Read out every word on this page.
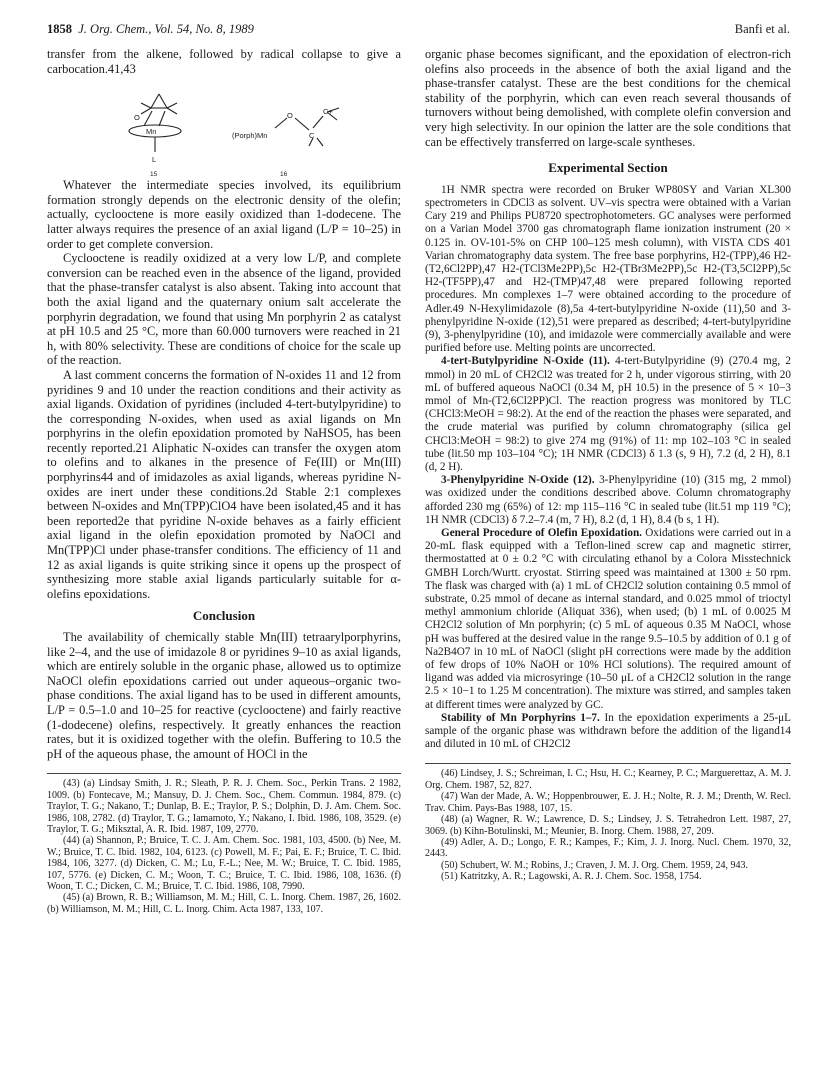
1858 J. Org. Chem., Vol. 54, No. 8, 1989	Banfi et al.

transfer from the alkene, followed by radical collapse to give a carbocation.41,43

Mn
O
L
15
(Porph)Mn
O
C
C+
16

Whatever the intermediate species involved, its equilibrium formation strongly depends on the electronic density of the olefin; actually, cyclooctene is more easily oxidized than 1-dodecene. The latter always requires the presence of an axial ligand (L/P = 10–25) in order to get complete conversion.

Cyclooctene is readily oxidized at a very low L/P, and complete conversion can be reached even in the absence of the ligand, provided that the phase-transfer catalyst is also absent. Taking into account that both the axial ligand and the quaternary onium salt accelerate the porphyrin degradation, we found that using Mn porphyrin 2 as catalyst at pH 10.5 and 25 °C, more than 60.000 turnovers were reached in 21 h, with 80% selectivity. These are conditions of choice for the scale up of the reaction.

A last comment concerns the formation of N-oxides 11 and 12 from pyridines 9 and 10 under the reaction conditions and their activity as axial ligands. Oxidation of pyridines (included 4-tert-butylpyridine) to the corresponding N-oxides, when used as axial ligands on Mn porphyrins in the olefin epoxidation promoted by NaHSO5, has been recently reported.21 Aliphatic N-oxides can transfer the oxygen atom to olefins and to alkanes in the presence of Fe(III) or Mn(III) porphyrins44 and of imidazoles as axial ligands, whereas pyridine N-oxides are inert under these conditions.2d Stable 2:1 complexes between N-oxides and Mn(TPP)ClO4 have been isolated,45 and it has been reported2e that pyridine N-oxide behaves as a fairly efficient axial ligand in the olefin epoxidation promoted by NaOCl and Mn(TPP)Cl under phase-transfer conditions. The efficiency of 11 and 12 as axial ligands is quite striking since it opens up the prospect of synthesizing more stable axial ligands particularly suitable for α-olefins epoxidations.

Conclusion

The availability of chemically stable Mn(III) tetraarylporphyrins, like 2–4, and the use of imidazole 8 or pyridines 9–10 as axial ligands, which are entirely soluble in the organic phase, allowed us to optimize NaOCl olefin epoxidations carried out under aqueous–organic two-phase conditions. The axial ligand has to be used in different amounts, L/P = 0.5–1.0 and 10–25 for reactive (cyclooctene) and fairly reactive (1-dodecene) olefins, respectively. It greatly enhances the reaction rates, but it is oxidized together with the olefin. Buffering to 10.5 the pH of the aqueous phase, the amount of HOCl in the

(43) (a) Lindsay Smith, J. R.; Sleath, P. R. J. Chem. Soc., Perkin Trans. 2 1982, 1009. (b) Fontecave, M.; Mansuy, D. J. Chem. Soc., Chem. Commun. 1984, 879. (c) Traylor, T. G.; Nakano, T.; Dunlap, B. E.; Traylor, P. S.; Dolphin, D. J. Am. Chem. Soc. 1986, 108, 2782. (d) Traylor, T. G.; Iamamoto, Y.; Nakano, I. Ibid. 1986, 108, 3529. (e) Traylor, T. G.; Miksztal, A. R. Ibid. 1987, 109, 2770.

(44) (a) Shannon, P.; Bruice, T. C. J. Am. Chem. Soc. 1981, 103, 4500. (b) Nee, M. W.; Bruice, T. C. Ibid. 1982, 104, 6123. (c) Powell, M. F.; Pai, E. F.; Bruice, T. C. Ibid. 1984, 106, 3277. (d) Dicken, C. M.; Lu, F.-L.; Nee, M. W.; Bruice, T. C. Ibid. 1985, 107, 5776. (e) Dicken, C. M.; Woon, T. C.; Bruice, T. C. Ibid. 1986, 108, 1636. (f) Woon, T. C.; Dicken, C. M.; Bruice, T. C. Ibid. 1986, 108, 7990.

(45) (a) Brown, R. B.; Williamson, M. M.; Hill, C. L. Inorg. Chem. 1987, 26, 1602. (b) Williamson, M. M.; Hill, C. L. Inorg. Chim. Acta 1987, 133, 107.

organic phase becomes significant, and the epoxidation of electron-rich olefins also proceeds in the absence of both the axial ligand and the phase-transfer catalyst. These are the best conditions for the chemical stability of the porphyrin, which can even reach several thousands of turnovers without being demolished, with complete olefin conversion and very high selectivity. In our opinion the latter are the sole conditions that can be effectively transferred on large-scale syntheses.

Experimental Section

1H NMR spectra were recorded on Bruker WP80SY and Varian XL300 spectrometers in CDCl3 as solvent. UV–vis spectra were obtained with a Varian Cary 219 and Philips PU8720 spectrophotometers. GC analyses were performed on a Varian Model 3700 gas chromatograph flame ionization instrument (20 × 0.125 in. OV-101-5% on CHP 100–125 mesh column), with VISTA CDS 401 Varian chromatography data system. The free base porphyrins, H2-(TPP),46 H2-(T2,6Cl2PP),47 H2-(TCl3Me2PP),5c H2-(TBr3Me2PP),5c H2-(T3,5Cl2PP),5c H2-(TF5PP),47 and H2-(TMP)47,48 were prepared following reported procedures. Mn complexes 1–7 were obtained according to the procedure of Adler.49 N-Hexylimidazole (8),5a 4-tert-butylpyridine N-oxide (11),50 and 3-phenylpyridine N-oxide (12),51 were prepared as described; 4-tert-butylpyridine (9), 3-phenylpyridine (10), and imidazole were commercially available and were purified before use. Melting points are uncorrected.

4-tert-Butylpyridine N-Oxide (11). 4-tert-Butylpyridine (9) (270.4 mg, 2 mmol) in 20 mL of CH2Cl2 was treated for 2 h, under vigorous stirring, with 20 mL of buffered aqueous NaOCl (0.34 M, pH 10.5) in the presence of 5 × 10−3 mmol of Mn-(T2,6Cl2PP)Cl. The reaction progress was monitored by TLC (CHCl3:MeOH = 98:2). At the end of the reaction the phases were separated, and the crude material was purified by column chromatography (silica gel CHCl3:MeOH = 98:2) to give 274 mg (91%) of 11: mp 102–103 °C in sealed tube (lit.50 mp 103–104 °C); 1H NMR (CDCl3) δ 1.3 (s, 9 H), 7.2 (d, 2 H), 8.1 (d, 2 H).

3-Phenylpyridine N-Oxide (12). 3-Phenylpyridine (10) (315 mg, 2 mmol) was oxidized under the conditions described above. Column chromatography afforded 230 mg (65%) of 12: mp 115–116 °C in sealed tube (lit.51 mp 119 °C); 1H NMR (CDCl3) δ 7.2–7.4 (m, 7 H), 8.2 (d, 1 H), 8.4 (b s, 1 H).

General Procedure of Olefin Epoxidation. Oxidations were carried out in a 20-mL flask equipped with a Teflon-lined screw cap and magnetic stirrer, thermostatted at 0 ± 0.2 °C with circulating ethanol by a Colora Misstechnick GMBH Lorch/Wurtt. cryostat. Stirring speed was maintained at 1300 ± 50 rpm. The flask was charged with (a) 1 mL of CH2Cl2 solution containing 0.5 mmol of substrate, 0.25 mmol of decane as internal standard, and 0.025 mmol of trioctyl methyl ammonium chloride (Aliquat 336), when used; (b) 1 mL of 0.0025 M CH2Cl2 solution of Mn porphyrin; (c) 5 mL of aqueous 0.35 M NaOCl, whose pH was buffered at the desired value in the range 9.5–10.5 by addition of 0.1 g of Na2B4O7 in 10 mL of NaOCl (slight pH corrections were made by the addition of few drops of 10% NaOH or 10% HCl solutions). The required amount of ligand was added via microsyringe (10–50 μL of a CH2Cl2 solution in the range 2.5 × 10−1 to 1.25 M concentration). The mixture was stirred, and samples taken at different times were analyzed by GC.

Stability of Mn Porphyrins 1–7. In the epoxidation experiments a 25-μL sample of the organic phase was withdrawn before the addition of the ligand14 and diluted in 10 mL of CH2Cl2

(46) Lindsey, J. S.; Schreiman, I. C.; Hsu, H. C.; Kearney, P. C.; Marguerettaz, A. M. J. Org. Chem. 1987, 52, 827.

(47) Wan der Made, A. W.; Hoppenbrouwer, E. J. H.; Nolte, R. J. M.; Drenth, W. Recl. Trav. Chim. Pays-Bas 1988, 107, 15.

(48) (a) Wagner, R. W.; Lawrence, D. S.; Lindsey, J. S. Tetrahedron Lett. 1987, 27, 3069. (b) Kihn-Botulinski, M.; Meunier, B. Inorg. Chem. 1988, 27, 209.

(49) Adler, A. D.; Longo, F. R.; Kampes, F.; Kim, J. J. Inorg. Nucl. Chem. 1970, 32, 2443.

(50) Schubert, W. M.; Robins, J.; Craven, J. M. J. Org. Chem. 1959, 24, 943.

(51) Katritzky, A. R.; Lagowski, A. R. J. Chem. Soc. 1958, 1754.
